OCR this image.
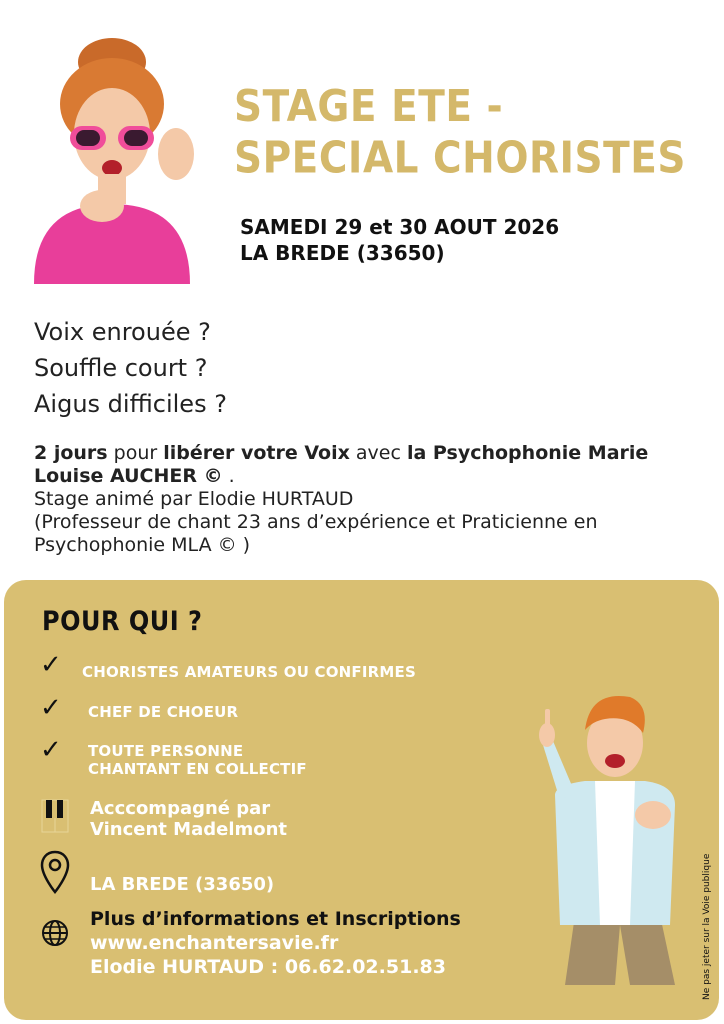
STAGE ETE -
SPECIAL CHORISTES
SAMEDI 29 et 30 AOUT 2026
LA BREDE (33650)
Voix enrouée ?
Souffle court ?
Aigus difficiles ?
2 jours pour libérer votre Voix avec la Psychophonie Marie Louise AUCHER © .
Stage animé par Elodie HURTAUD
(Professeur de chant 23 ans d’expérience et Praticienne en Psychophonie MLA © )
POUR QUI ?
✓ CHORISTES AMATEURS OU CONFIRMES
✓ CHEF DE CHOEUR
✓ TOUTE PERSONNE
CHANTANT EN COLLECTIF
Acccompagné par
Vincent Madelmont
LA BREDE (33650)
Plus d’informations et Inscriptions
www.enchantersavie.fr
Elodie HURTAUD : 06.62.02.51.83	Ne pas jeter sur la Voie publique
